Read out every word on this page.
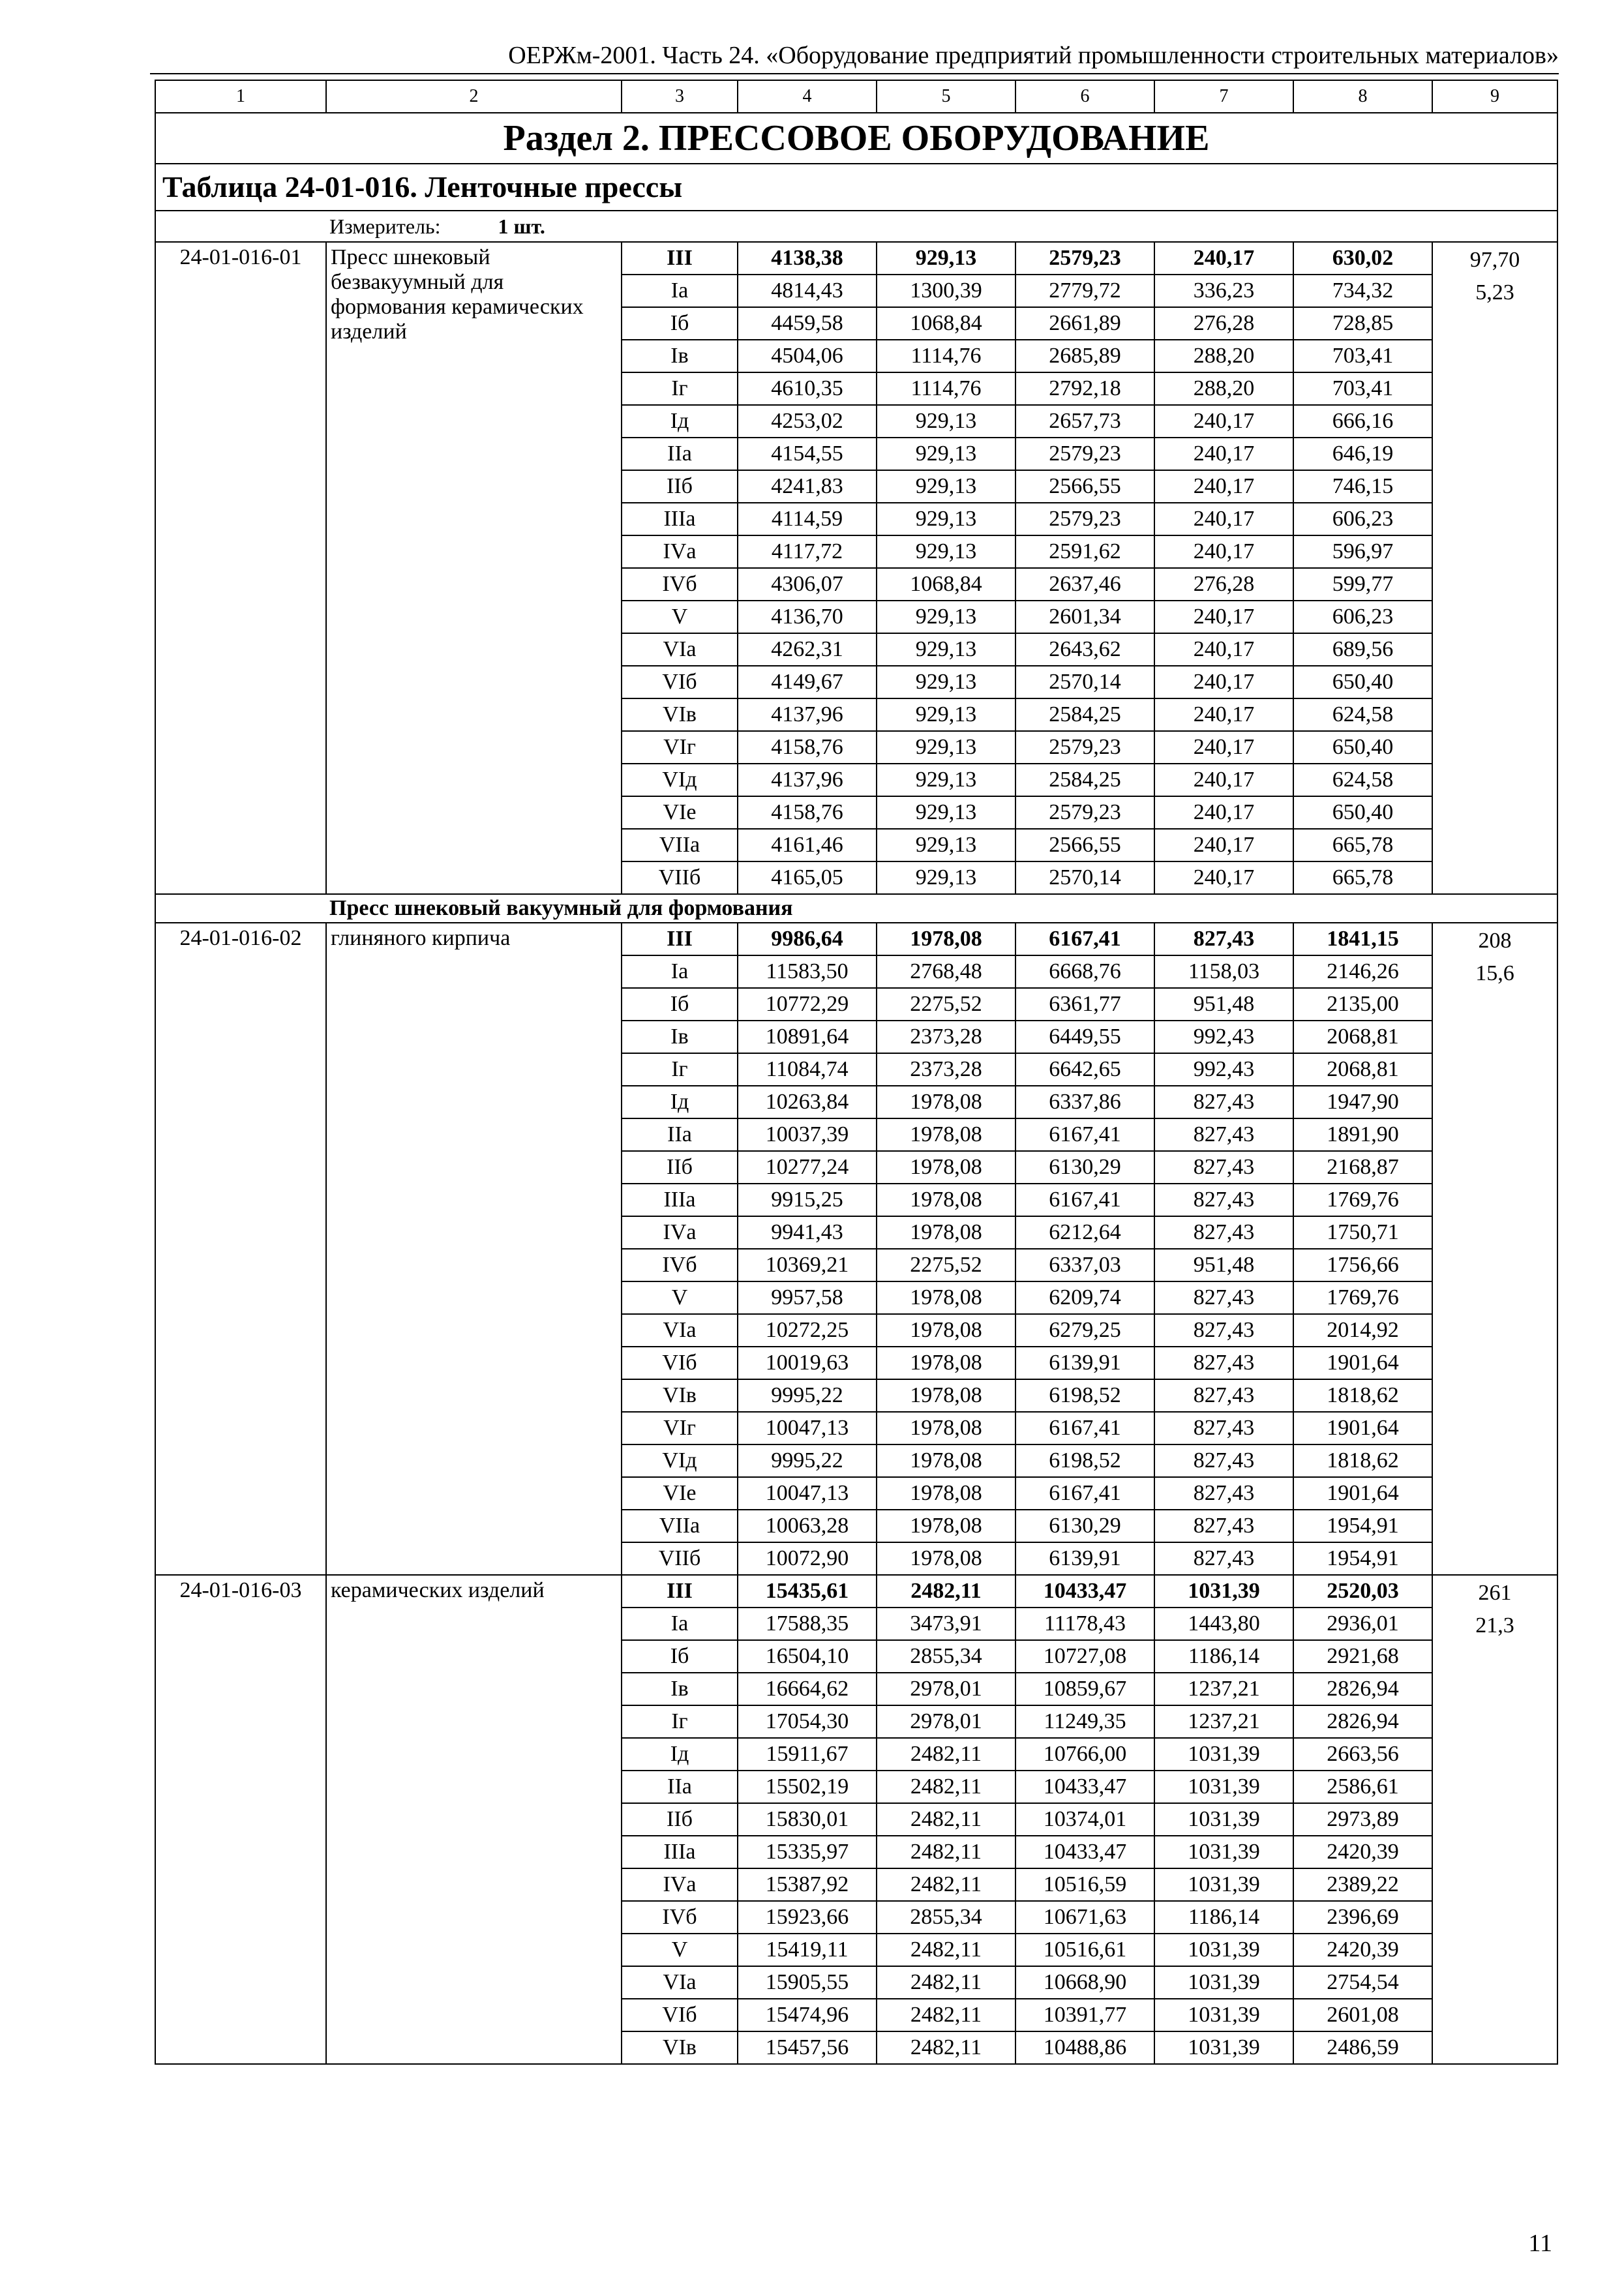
ОЕРЖм-2001. Часть 24. «Оборудование предприятий промышленности строительных материалов»
1	2	3	4	5	6	7	8	9
Раздел 2. ПРЕССОВОЕ ОБОРУДОВАНИЕ								
Таблица 24-01-016. Ленточные прессы								
Измеритель: 1 шт.								
24-01-016-01	Пресс шнековый безвакуумный для формования керамических изделий	III	4138,38	929,13	2579,23	240,17	630,02	97,70
5,23

		Iа	4814,43	1300,39	2779,72	336,23	734,32	
		Iб	4459,58	1068,84	2661,89	276,28	728,85	
		Iв	4504,06	1114,76	2685,89	288,20	703,41	
		Iг	4610,35	1114,76	2792,18	288,20	703,41	
		Iд	4253,02	929,13	2657,73	240,17	666,16	
		IIа	4154,55	929,13	2579,23	240,17	646,19	
		IIб	4241,83	929,13	2566,55	240,17	746,15	
		IIIа	4114,59	929,13	2579,23	240,17	606,23	
		IVа	4117,72	929,13	2591,62	240,17	596,97	
		IVб	4306,07	1068,84	2637,46	276,28	599,77	
		V	4136,70	929,13	2601,34	240,17	606,23	
		VIа	4262,31	929,13	2643,62	240,17	689,56	
		VIб	4149,67	929,13	2570,14	240,17	650,40	
		VIв	4137,96	929,13	2584,25	240,17	624,58	
		VIг	4158,76	929,13	2579,23	240,17	650,40	
		VIд	4137,96	929,13	2584,25	240,17	624,58	
		VIе	4158,76	929,13	2579,23	240,17	650,40	
		VIIа	4161,46	929,13	2566,55	240,17	665,78	
		VIIб	4165,05	929,13	2570,14	240,17	665,78	
Пресс шнековый вакуумный для формования								
24-01-016-02	глиняного кирпича	III	9986,64	1978,08	6167,41	827,43	1841,15	208
15,6

		Iа	11583,50	2768,48	6668,76	1158,03	2146,26	
		Iб	10772,29	2275,52	6361,77	951,48	2135,00	
		Iв	10891,64	2373,28	6449,55	992,43	2068,81	
		Iг	11084,74	2373,28	6642,65	992,43	2068,81	
		Iд	10263,84	1978,08	6337,86	827,43	1947,90	
		IIа	10037,39	1978,08	6167,41	827,43	1891,90	
		IIб	10277,24	1978,08	6130,29	827,43	2168,87	
		IIIа	9915,25	1978,08	6167,41	827,43	1769,76	
		IVа	9941,43	1978,08	6212,64	827,43	1750,71	
		IVб	10369,21	2275,52	6337,03	951,48	1756,66	
		V	9957,58	1978,08	6209,74	827,43	1769,76	
		VIа	10272,25	1978,08	6279,25	827,43	2014,92	
		VIб	10019,63	1978,08	6139,91	827,43	1901,64	
		VIв	9995,22	1978,08	6198,52	827,43	1818,62	
		VIг	10047,13	1978,08	6167,41	827,43	1901,64	
		VIд	9995,22	1978,08	6198,52	827,43	1818,62	
		VIе	10047,13	1978,08	6167,41	827,43	1901,64	
		VIIа	10063,28	1978,08	6130,29	827,43	1954,91	
		VIIб	10072,90	1978,08	6139,91	827,43	1954,91	
24-01-016-03	керамических изделий	III	15435,61	2482,11	10433,47	1031,39	2520,03	261
21,3

		Iа	17588,35	3473,91	11178,43	1443,80	2936,01	
		Iб	16504,10	2855,34	10727,08	1186,14	2921,68	
		Iв	16664,62	2978,01	10859,67	1237,21	2826,94	
		Iг	17054,30	2978,01	11249,35	1237,21	2826,94	
		Iд	15911,67	2482,11	10766,00	1031,39	2663,56	
		IIа	15502,19	2482,11	10433,47	1031,39	2586,61	
		IIб	15830,01	2482,11	10374,01	1031,39	2973,89	
		IIIа	15335,97	2482,11	10433,47	1031,39	2420,39	
		IVа	15387,92	2482,11	10516,59	1031,39	2389,22	
		IVб	15923,66	2855,34	10671,63	1186,14	2396,69	
		V	15419,11	2482,11	10516,61	1031,39	2420,39	
		VIа	15905,55	2482,11	10668,90	1031,39	2754,54	
		VIб	15474,96	2482,11	10391,77	1031,39	2601,08	
		VIв	15457,56	2482,11	10488,86	1031,39	2486,59	
11
